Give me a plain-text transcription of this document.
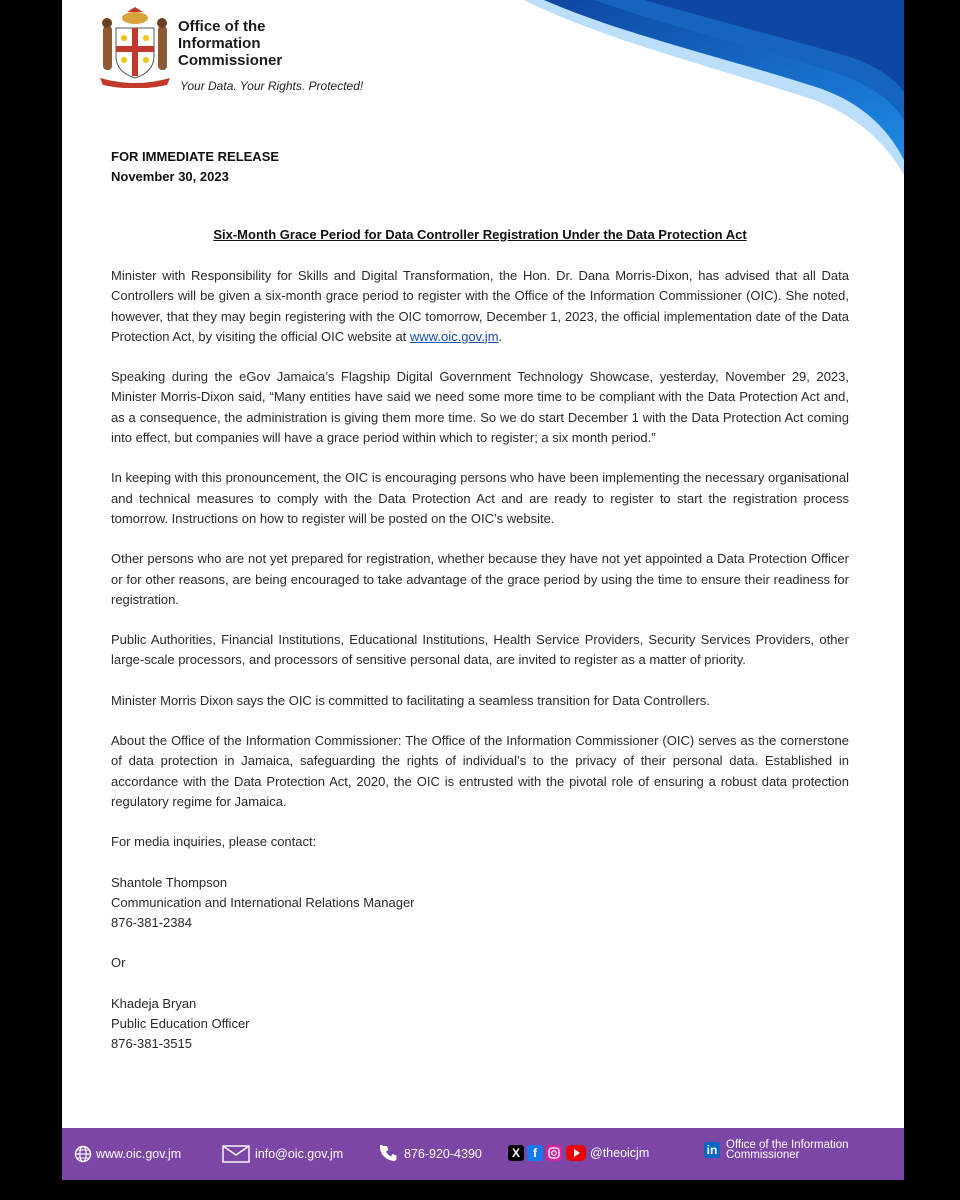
Office of the
Information
Commissioner
Your Data. Your Rights. Protected!
FOR IMMEDIATE RELEASE
November 30, 2023
Six-Month Grace Period for Data Controller Registration Under the Data Protection Act

Minister with Responsibility for Skills and Digital Transformation, the Hon. Dr. Dana Morris-Dixon, has advised that all Data Controllers will be given a six-month grace period to register with the Office of the Information Commissioner (OIC). She noted, however, that they may begin registering with the OIC tomorrow, December 1, 2023, the official implementation date of the Data Protection Act, by visiting the official OIC website at www.oic.gov.jm.

Speaking during the eGov Jamaica’s Flagship Digital Government Technology Showcase, yesterday, November 29, 2023, Minister Morris-Dixon said, “Many entities have said we need some more time to be compliant with the Data Protection Act and, as a consequence, the administration is giving them more time. So we do start December 1 with the Data Protection Act coming into effect, but companies will have a grace period within which to register; a six month period.”

In keeping with this pronouncement, the OIC is encouraging persons who have been implementing the necessary organisational and technical measures to comply with the Data Protection Act and are ready to register to start the registration process tomorrow. Instructions on how to register will be posted on the OIC’s website.

Other persons who are not yet prepared for registration, whether because they have not yet appointed a Data Protection Officer or for other reasons, are being encouraged to take advantage of the grace period by using the time to ensure their readiness for registration.

Public Authorities, Financial Institutions, Educational Institutions, Health Service Providers, Security Services Providers, other large-scale processors, and processors of sensitive personal data, are invited to register as a matter of priority.

Minister Morris Dixon says the OIC is committed to facilitating a seamless transition for Data Controllers.

About the Office of the Information Commissioner: The Office of the Information Commissioner (OIC) serves as the cornerstone of data protection in Jamaica, safeguarding the rights of individual’s to the privacy of their personal data. Established in accordance with the Data Protection Act, 2020, the OIC is entrusted with the pivotal role of ensuring a robust data protection regulatory regime for Jamaica.

For media inquiries, please contact:

Shantole Thompson
Communication and International Relations Manager
876-381-2384

Or

Khadeja Bryan
Public Education Officer
876-381-3515

www.oic.gov.jm	info@oic.gov.jm	876-920-4390	X	f	@theoicjm	in Office of the Information
Commissioner
